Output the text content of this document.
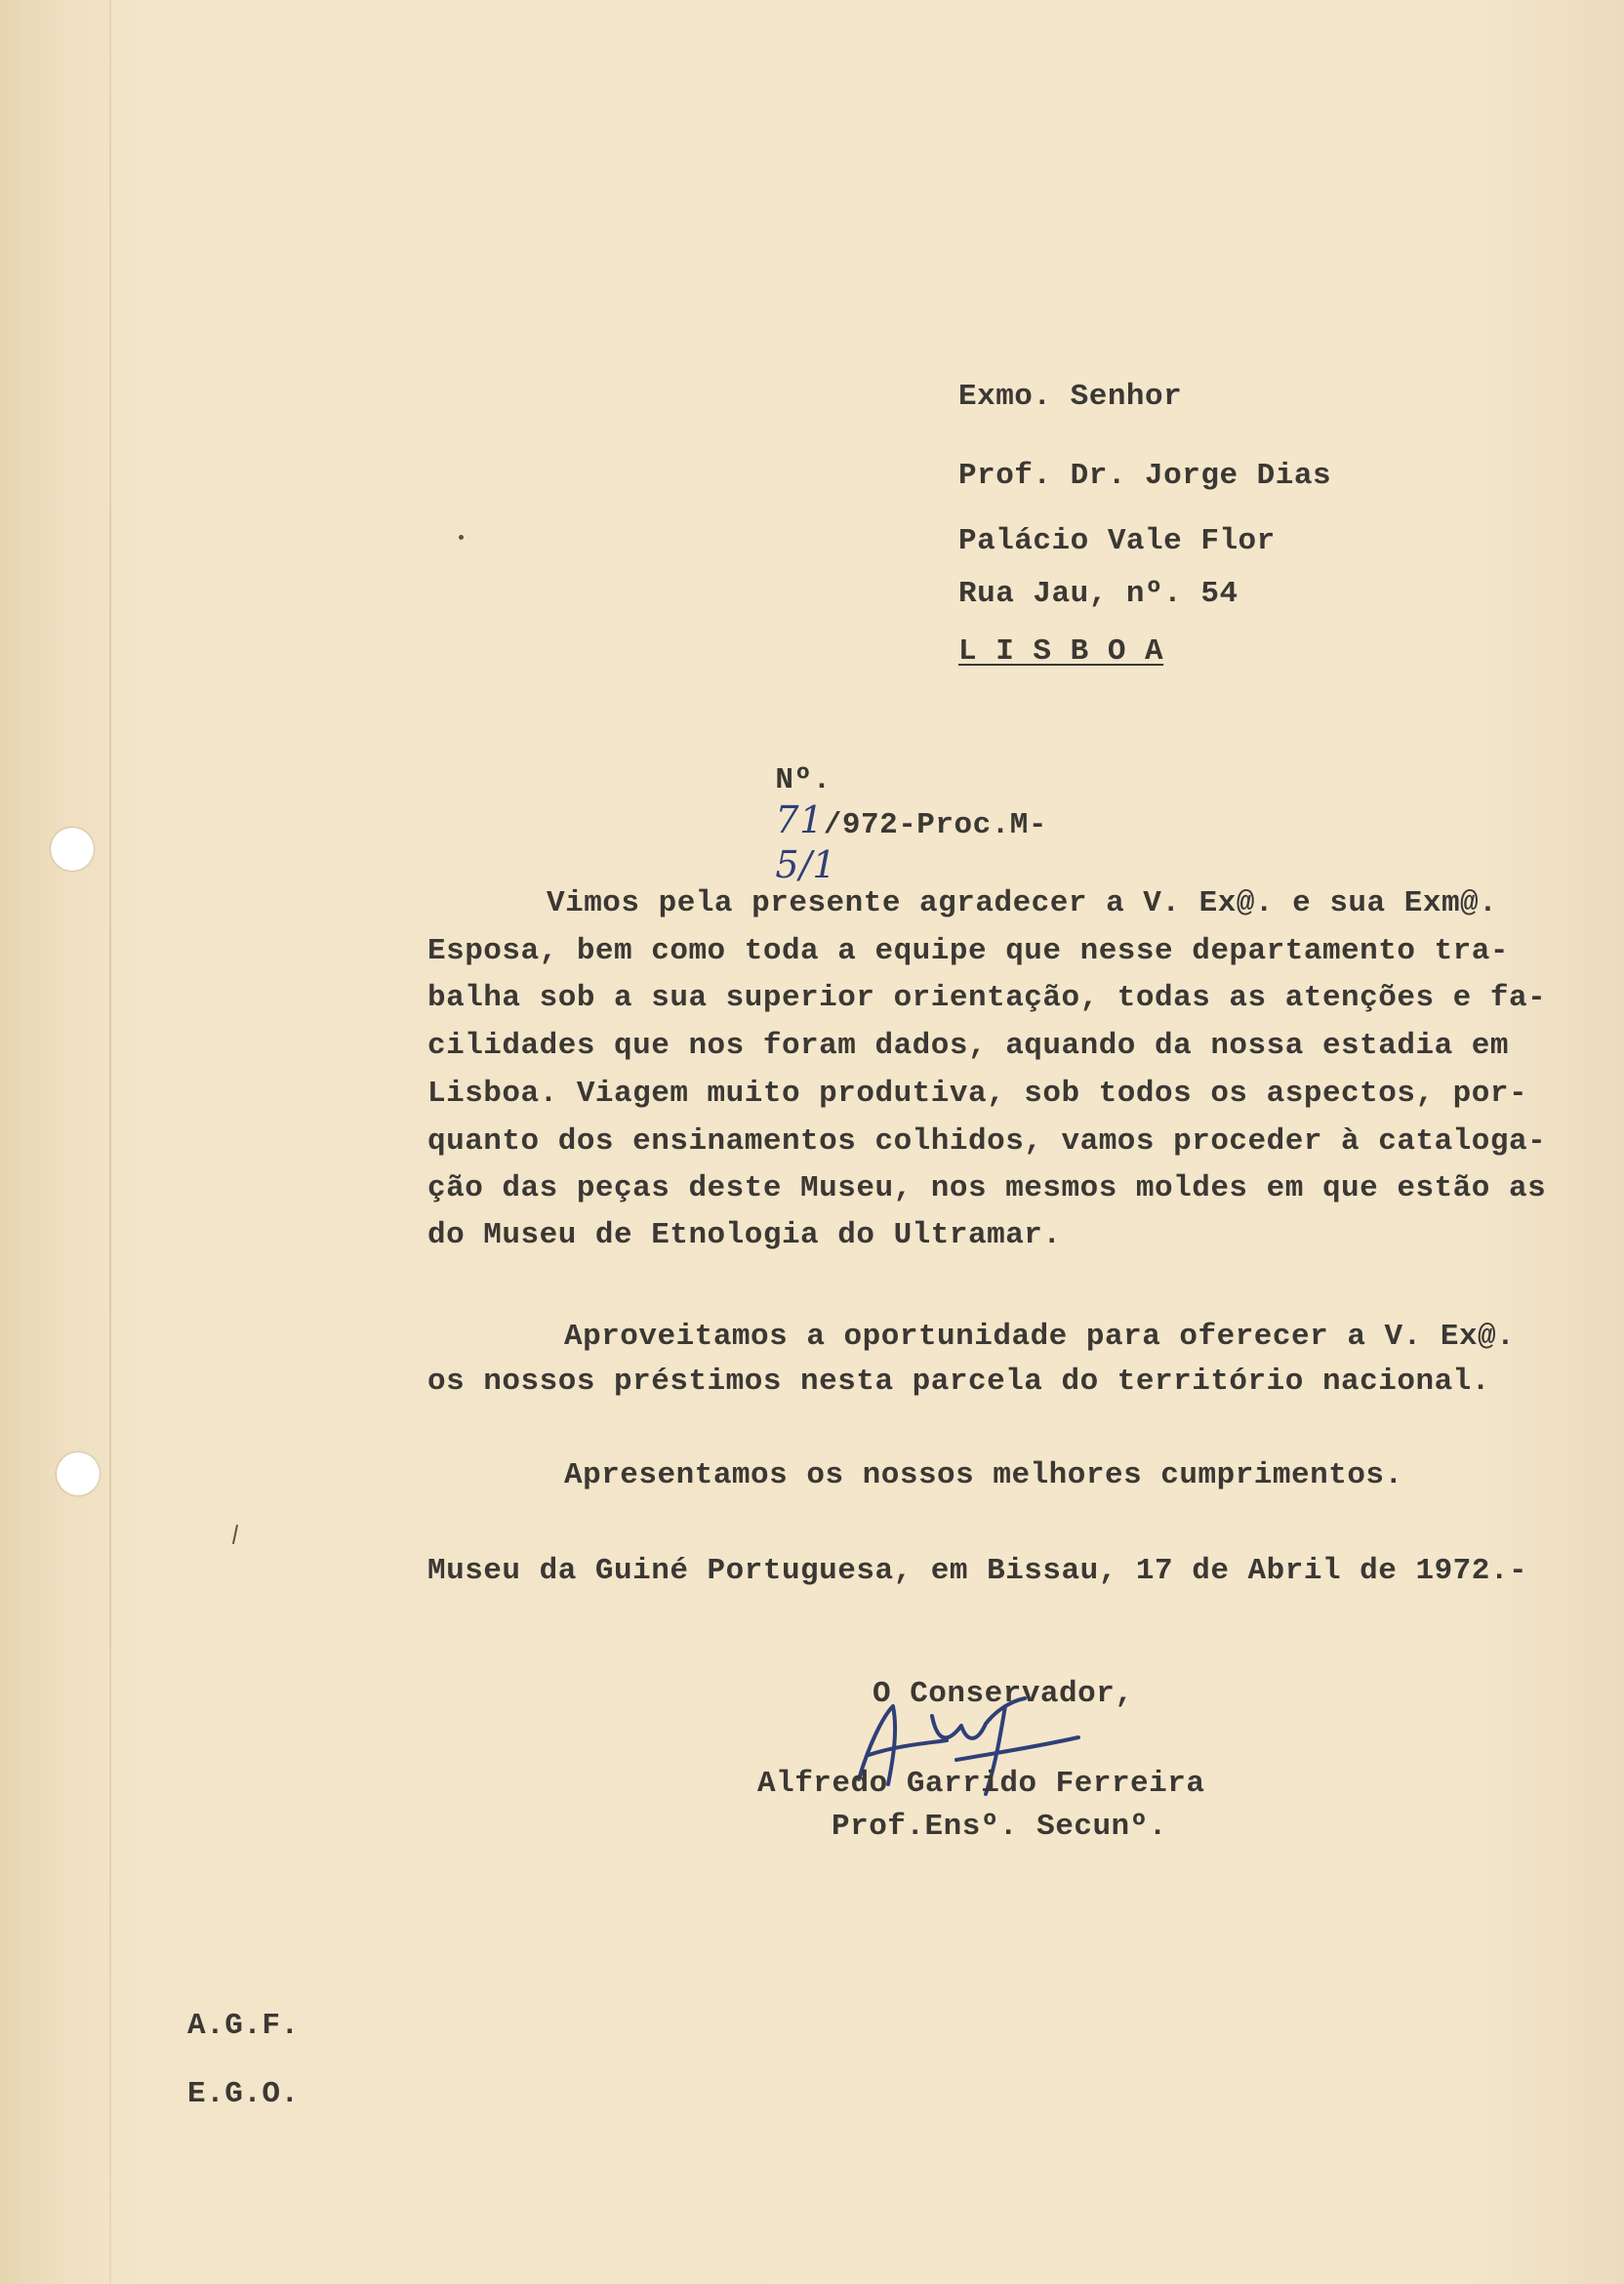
Exmo. Senhor
Prof. Dr. Jorge Dias
Palácio Vale Flor
Rua Jau, nº. 54
L I S B O A

Nº.
71/972-Proc.M-
5/1

Vimos pela presente agradecer a V. Ex@. e sua Exm@.
Esposa, bem como toda a equipe que nesse departamento tra-
balha sob a sua superior orientação, todas as atenções e fa-
cilidades que nos foram dados, aquando da nossa estadia em
Lisboa. Viagem muito produtiva, sob todos os aspectos, por-
quanto dos ensinamentos colhidos, vamos proceder à cataloga-
ção das peças deste Museu, nos mesmos moldes em que estão as
do Museu de Etnologia do Ultramar.
Aproveitamos a oportunidade para oferecer a V. Ex@.
os nossos préstimos nesta parcela do território nacional.
Apresentamos os nossos melhores cumprimentos.
Museu da Guiné Portuguesa, em Bissau, 17 de Abril de 1972.-
O Conservador,
Alfredo Garrido Ferreira
Prof.Ensº. Secunº.
A.G.F.
E.G.O.
